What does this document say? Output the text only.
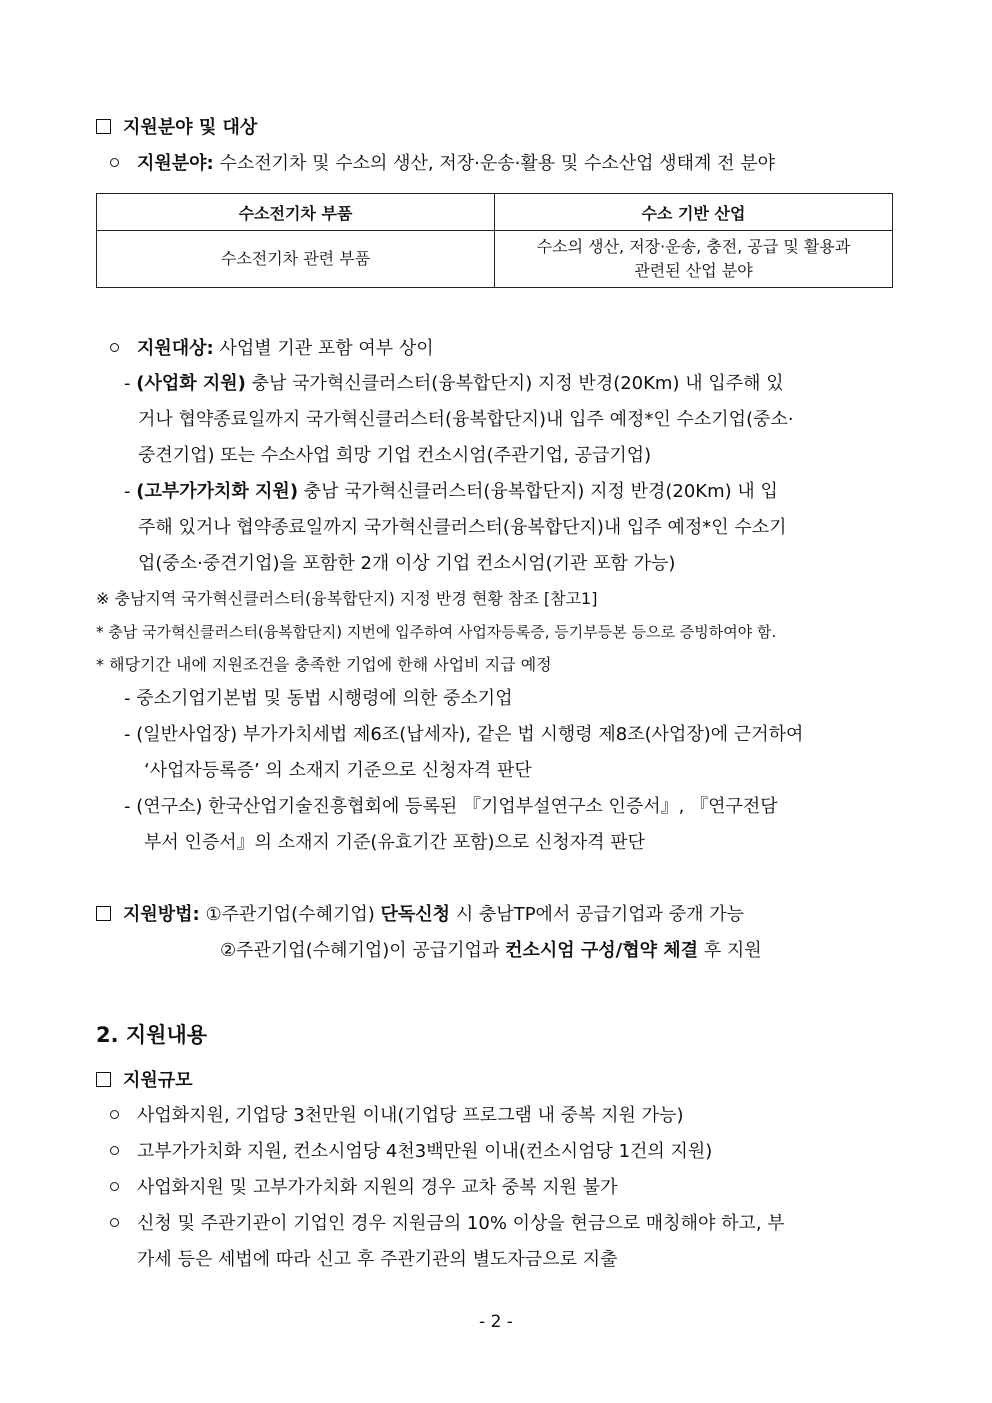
지원분야 및 대상
지원분야: 수소전기차 및 수소의 생산, 저장·운송·활용 및 수소산업 생태계 전 분야
수소전기차 부품	수소 기반 산업
수소전기차 관련 부품	수소의 생산, 저장·운송, 충전, 공급 및 활용과
관련된 산업 분야
지원대상: 사업별 기관 포함 여부 상이
- (사업화 지원) 충남 국가혁신클러스터(융복합단지) 지정 반경(20Km) 내 입주해 있
거나 협약종료일까지 국가혁신클러스터(융복합단지)내 입주 예정*인 수소기업(중소·
중견기업) 또는 수소사업 희망 기업 컨소시엄(주관기업, 공급기업)
- (고부가가치화 지원) 충남 국가혁신클러스터(융복합단지) 지정 반경(20Km) 내 입
주해 있거나 협약종료일까지 국가혁신클러스터(융복합단지)내 입주 예정*인 수소기
업(중소·중견기업)을 포함한 2개 이상 기업 컨소시엄(기관 포함 가능)
※ 충남지역 국가혁신클러스터(융복합단지) 지정 반경 현황 참조 [참고1]
* 충남 국가혁신클러스터(융복합단지) 지번에 입주하여 사업자등록증, 등기부등본 등으로 증빙하여야 함.
* 해당기간 내에 지원조건을 충족한 기업에 한해 사업비 지급 예정
- 중소기업기본법 및 동법 시행령에 의한 중소기업
- (일반사업장) 부가가치세법 제6조(납세자), 같은 법 시행령 제8조(사업장)에 근거하여
‘사업자등록증’ 의 소재지 기준으로 신청자격 판단
- (연구소) 한국산업기술진흥협회에 등록된 『기업부설연구소 인증서』, 『연구전담
부서 인증서』의 소재지 기준(유효기간 포함)으로 신청자격 판단
지원방법: ①주관기업(수혜기업) 단독신청 시 충남TP에서 공급기업과 중개 가능
②주관기업(수혜기업)이 공급기업과 컨소시엄 구성/협약 체결 후 지원
2. 지원내용
지원규모
사업화지원, 기업당 3천만원 이내(기업당 프로그램 내 중복 지원 가능)
고부가가치화 지원, 컨소시엄당 4천3백만원 이내(컨소시엄당 1건의 지원)
사업화지원 및 고부가가치화 지원의 경우 교차 중복 지원 불가
신청 및 주관기관이 기업인 경우 지원금의 10% 이상을 현금으로 매칭해야 하고, 부
가세 등은 세법에 따라 신고 후 주관기관의 별도자금으로 지출
- 2 -
